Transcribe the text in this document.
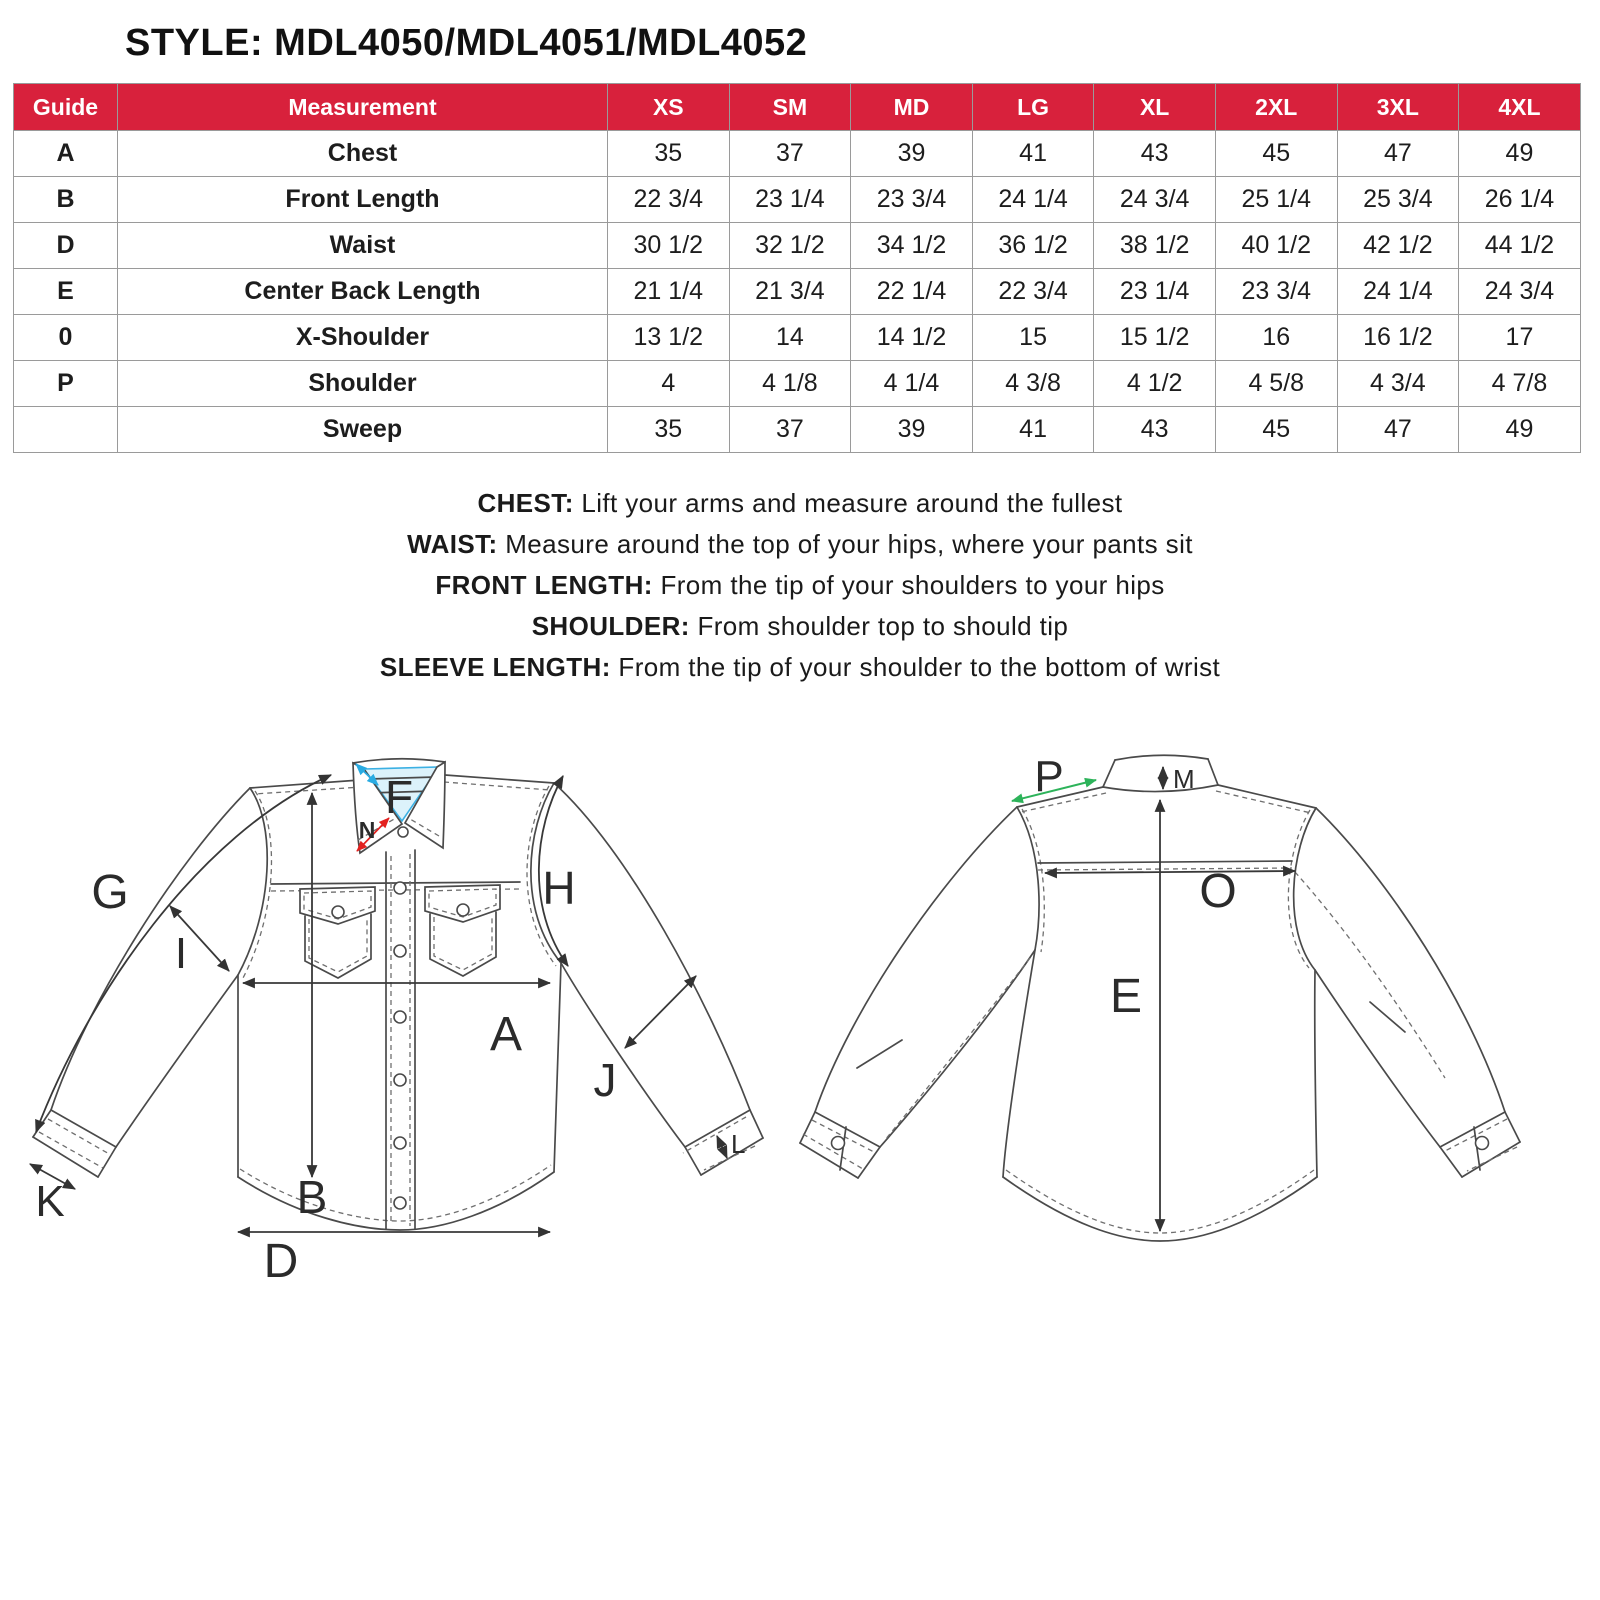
STYLE: MDL4050/MDL4051/MDL4052
Guide	Measurement	XS	SM	MD	LG	XL	2XL	3XL	4XL
A	Chest	35	37	39	41	43	45	47	49
B	Front Length	22 3/4	23 1/4	23 3/4	24 1/4	24 3/4	25 1/4	25 3/4	26 1/4
D	Waist	30 1/2	32 1/2	34 1/2	36 1/2	38 1/2	40 1/2	42 1/2	44 1/2
E	Center Back Length	21 1/4	21 3/4	22 1/4	22 3/4	23 1/4	23 3/4	24 1/4	24 3/4
0	X-Shoulder	13 1/2	14	14 1/2	15	15 1/2	16	16 1/2	17
P	Shoulder	4	4 1/8	4 1/4	4 3/8	4 1/2	4 5/8	4 3/4	4 7/8
	Sweep	35	37	39	41	43	45	47	49

CHEST: Lift your arms and measure around the fullest

WAIST: Measure around the top of your hips, where your pants sit

FRONT LENGTH: From the tip of your shoulders to your hips

SHOULDER: From shoulder top to should tip

SLEEVE LENGTH: From the tip of your shoulder to the bottom of wrist

F
N
G
I
H
A
B
J
K
L
D
M
E
O
P
